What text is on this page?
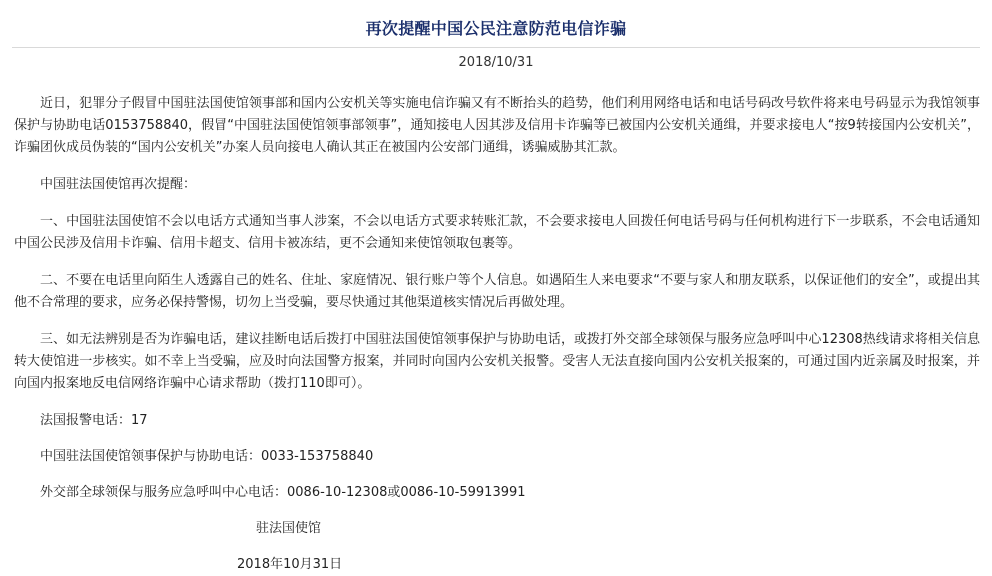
再次提醒中国公民注意防范电信诈骗
2018/10/31

近日，犯罪分子假冒中国驻法国使馆领事部和国内公安机关等实施电信诈骗又有不断抬头的趋势，他们利用网络电话和电话号码改号软件将来电号码显示为我馆领事保护与协助电话0153758840，假冒“中国驻法国使馆领事部领事”，通知接电人因其涉及信用卡诈骗等已被国内公安机关通缉，并要求接电人“按9转接国内公安机关”，诈骗团伙成员伪装的“国内公安机关”办案人员向接电人确认其正在被国内公安部门通缉，诱骗威胁其汇款。

中国驻法国使馆再次提醒：

一、中国驻法国使馆不会以电话方式通知当事人涉案，不会以电话方式要求转账汇款，不会要求接电人回拨任何电话号码与任何机构进行下一步联系，不会电话通知中国公民涉及信用卡诈骗、信用卡超支、信用卡被冻结，更不会通知来使馆领取包裹等。

二、不要在电话里向陌生人透露自己的姓名、住址、家庭情况、银行账户等个人信息。如遇陌生人来电要求“不要与家人和朋友联系，以保证他们的安全”，或提出其他不合常理的要求，应务必保持警惕，切勿上当受骗，要尽快通过其他渠道核实情况后再做处理。

三、如无法辨别是否为诈骗电话，建议挂断电话后拨打中国驻法国使馆领事保护与协助电话，或拨打外交部全球领保与服务应急呼叫中心12308热线请求将相关信息转大使馆进一步核实。如不幸上当受骗，应及时向法国警方报案，并同时向国内公安机关报警。受害人无法直接向国内公安机关报案的，可通过国内近亲属及时报案，并向国内报案地反电信网络诈骗中心请求帮助（拨打110即可）。

法国报警电话：17

中国驻法国使馆领事保护与协助电话：0033-153758840

外交部全球领保与服务应急呼叫中心电话：0086-10-12308或0086-10-59913991

驻法国使馆

2018年10月31日
